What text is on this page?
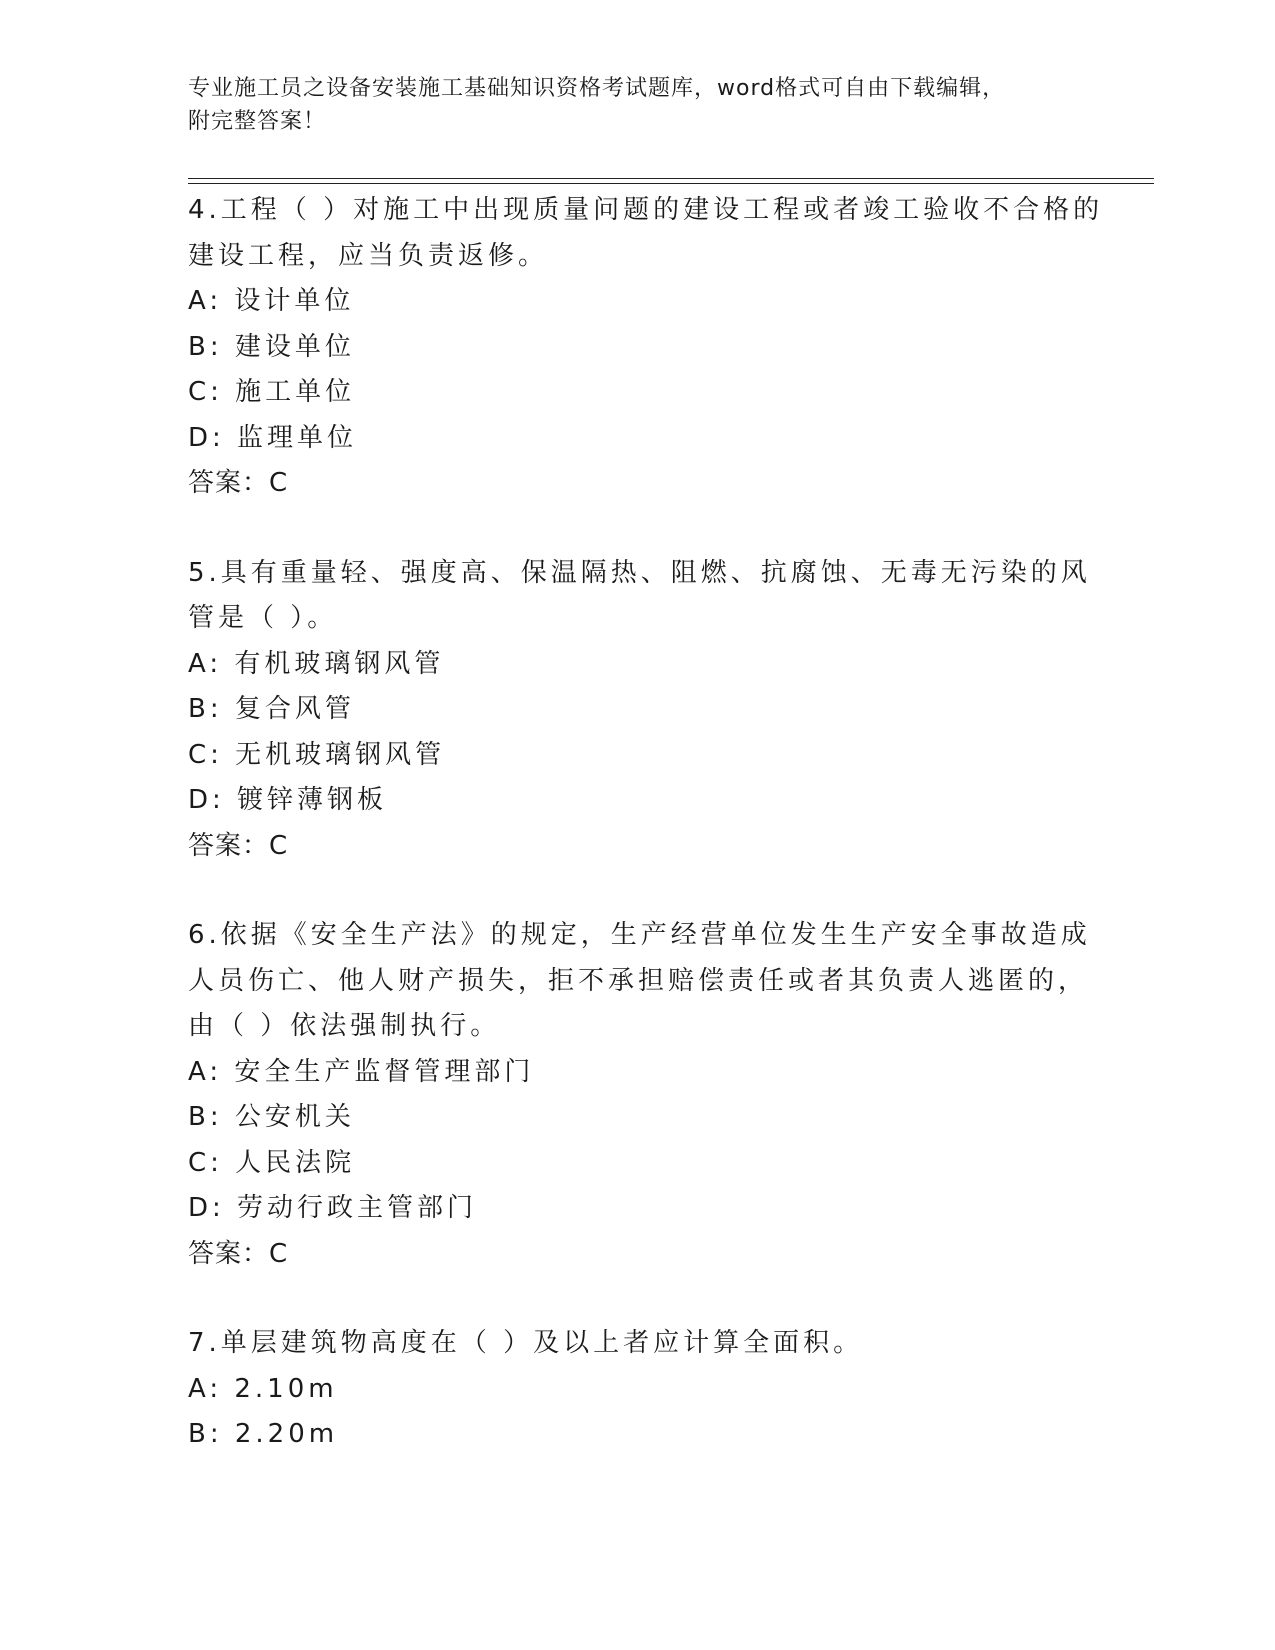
专业施工员之设备安装施工基础知识资格考试题库，word格式可自由下载编辑，
附完整答案！
4.工程（ ）对施工中出现质量问题的建设工程或者竣工验收不合格的
建设工程，应当负责返修。
A: 设计单位
B: 建设单位
C: 施工单位
D: 监理单位
答案：C
5.具有重量轻、强度高、保温隔热、阻燃、抗腐蚀、无毒无污染的风
管是（ ）。
A: 有机玻璃钢风管
B: 复合风管
C: 无机玻璃钢风管
D: 镀锌薄钢板
答案：C
6.依据《安全生产法》的规定，生产经营单位发生生产安全事故造成
人员伤亡、他人财产损失，拒不承担赔偿责任或者其负责人逃匿的，
由（ ）依法强制执行。
A: 安全生产监督管理部门
B: 公安机关
C: 人民法院
D: 劳动行政主管部门
答案：C
7.单层建筑物高度在（ ）及以上者应计算全面积。
A: 2.10m
B: 2.20m
